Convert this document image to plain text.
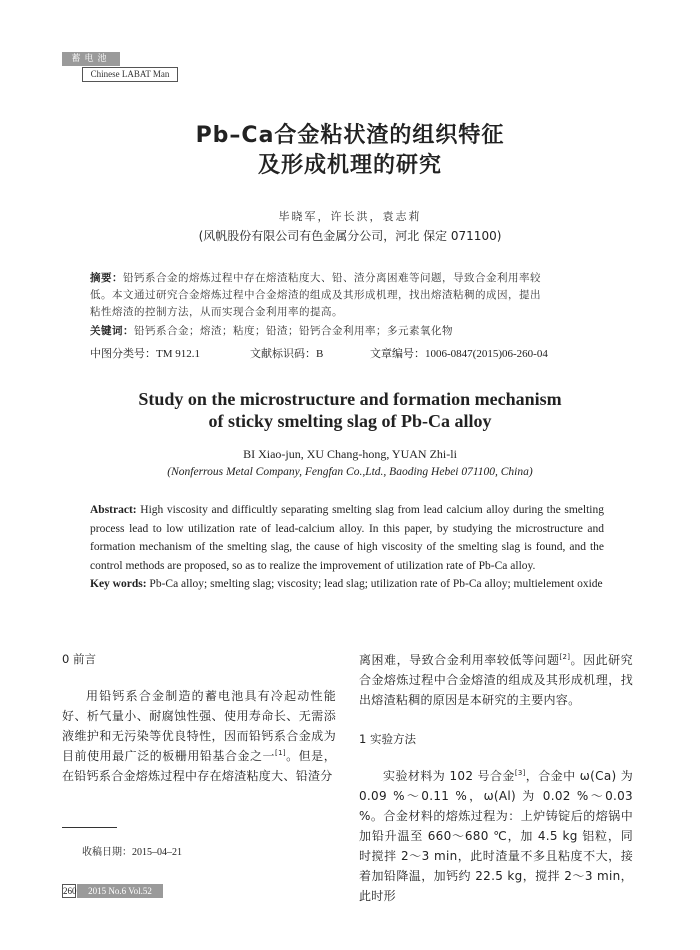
蓄电池
Chinese LABAT Man
Pb–Ca合金粘状渣的组织特征
及形成机理的研究
毕晓军，许长洪，袁志莉
(风帆股份有限公司有色金属分公司，河北 保定 071100)
摘要：铅钙系合金的熔炼过程中存在熔渣粘度大、铅、渣分离困难等问题，导致合金利用率较
低。本文通过研究合金熔炼过程中合金熔渣的组成及其形成机理，找出熔渣粘稠的成因，提出
粘性熔渣的控制方法，从而实现合金利用率的提高。
关键词：铅钙系合金；熔渣；粘度；铅渣；铅钙合金利用率；多元素氧化物
中图分类号：TM 912.1	文献标识码：B	文章编号：1006-0847(2015)06-260-04
Study on the microstructure and formation mechanism
of sticky smelting slag of Pb-Ca alloy
BI Xiao-jun, XU Chang-hong, YUAN Zhi-li
(Nonferrous Metal Company, Fengfan Co.,Ltd., Baoding Hebei 071100, China)
Abstract: High viscosity and difficultly separating smelting slag from lead calcium alloy during the smelting process lead to low utilization rate of lead-calcium alloy. In this paper, by studying the microstructure and formation mechanism of the smelting slag, the cause of high viscosity of the smelting slag is found, and the control methods are proposed, so as to realize the improvement of utilization rate of Pb-Ca alloy.
Key words: Pb-Ca alloy; smelting slag; viscosity; lead slag; utilization rate of Pb-Ca alloy; multielement oxide
0 前言
用铅钙系合金制造的蓄电池具有冷起动性能好、析气量小、耐腐蚀性强、使用寿命长、无需添液维护和无污染等优良特性，因而铅钙系合金成为目前使用最广泛的板栅用铅基合金之一[1]。但是，在铅钙系合金熔炼过程中存在熔渣粘度大、铅渣分
收稿日期：2015–04–21
离困难，导致合金利用率较低等问题[2]。因此研究合金熔炼过程中合金熔渣的组成及其形成机理，找出熔渣粘稠的原因是本研究的主要内容。
1 实验方法
实验材料为 102 号合金[3]，合金中 ω(Ca) 为 0.09 %～0.11 %，ω(Al) 为 0.02 %～0.03 %。合金材料的熔炼过程为：上炉铸锭后的熔锅中加铅升温至 660～680 ℃，加 4.5 kg 铝粒，同时搅拌 2～3 min，此时渣量不多且粘度不大，接着加铅降温，加钙约 22.5 kg，搅拌 2～3 min，此时形
260	2015 No.6 Vol.52
